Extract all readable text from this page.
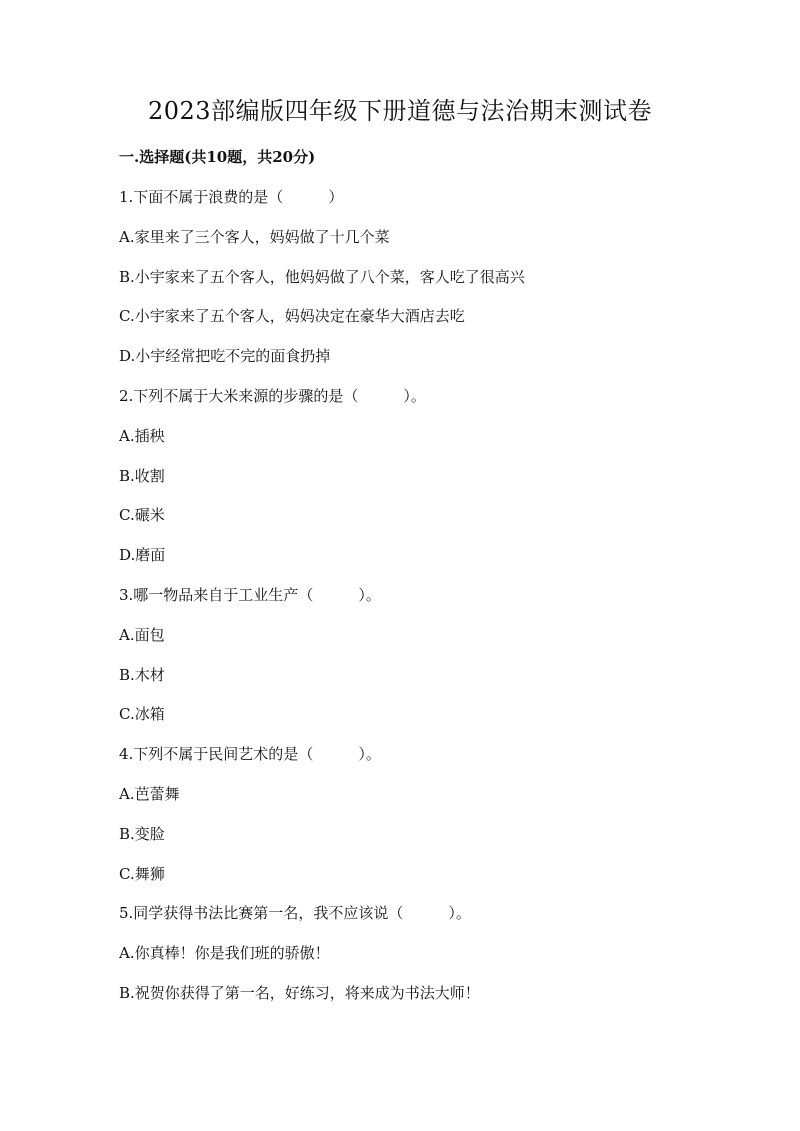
2023部编版四年级下册道德与法治期末测试卷
一.选择题(共10题，共20分)
1.下面不属于浪费的是（　　　）
A.家里来了三个客人，妈妈做了十几个菜
B.小宇家来了五个客人，他妈妈做了八个菜，客人吃了很高兴
C.小宇家来了五个客人，妈妈决定在豪华大酒店去吃
D.小宇经常把吃不完的面食扔掉
2.下列不属于大米来源的步骤的是（　　　）。
A.插秧
B.收割
C.碾米
D.磨面
3.哪一物品来自于工业生产（　　　）。
A.面包
B.木材
C.冰箱
4.下列不属于民间艺术的是（　　　）。
A.芭蕾舞
B.变脸
C.舞狮
5.同学获得书法比赛第一名，我不应该说（　　　）。
A.你真棒！你是我们班的骄傲！
B.祝贺你获得了第一名，好练习，将来成为书法大师！
